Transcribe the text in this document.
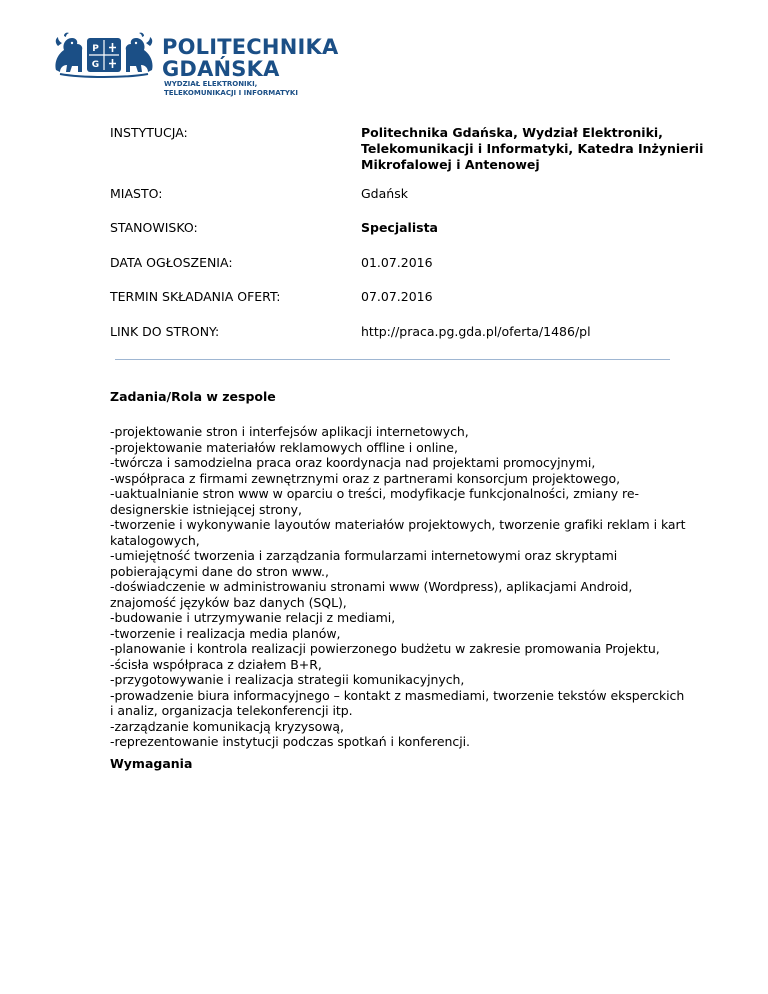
P
G
POLITECHNIKA
GDAŃSKA
WYDZIAŁ ELEKTRONIKI,
TELEKOMUNIKACJI I INFORMATYKI
INSTYTUCJA:	Politechnika Gdańska, Wydział Elektroniki,
Telekomunikacji i Informatyki, Katedra Inżynierii
Mikrofalowej i Antenowej
MIASTO:	Gdańsk
STANOWISKO:	Specjalista
DATA OGŁOSZENIA:	01.07.2016
TERMIN SKŁADANIA OFERT:	07.07.2016
LINK DO STRONY:	http://praca.pg.gda.pl/oferta/1486/pl
Zadania/Rola w zespole
-projektowanie stron i interfejsów aplikacji internetowych,
-projektowanie materiałów reklamowych offline i online,
-twórcza i samodzielna praca oraz koordynacja nad projektami promocyjnymi,
-współpraca z firmami zewnętrznymi oraz z partnerami konsorcjum projektowego,
-uaktualnianie stron www w oparciu o treści, modyfikacje funkcjonalności, zmiany re-
designerskie istniejącej strony,
-tworzenie i wykonywanie layoutów materiałów projektowych, tworzenie grafiki reklam i kart
katalogowych,
-umiejętność tworzenia i zarządzania formularzami internetowymi oraz skryptami
pobierającymi dane do stron www.,
-doświadczenie w administrowaniu stronami www (Wordpress), aplikacjami Android,
znajomość języków baz danych (SQL),
-budowanie i utrzymywanie relacji z mediami,
-tworzenie i realizacja media planów,
-planowanie i kontrola realizacji powierzonego budżetu w zakresie promowania Projektu,
-ścisła współpraca z działem B+R,
-przygotowywanie i realizacja strategii komunikacyjnych,
-prowadzenie biura informacyjnego – kontakt z masmediami, tworzenie tekstów eksperckich
i analiz, organizacja telekonferencji itp.
-zarządzanie komunikacją kryzysową,
-reprezentowanie instytucji podczas spotkań i konferencji.
Wymagania
